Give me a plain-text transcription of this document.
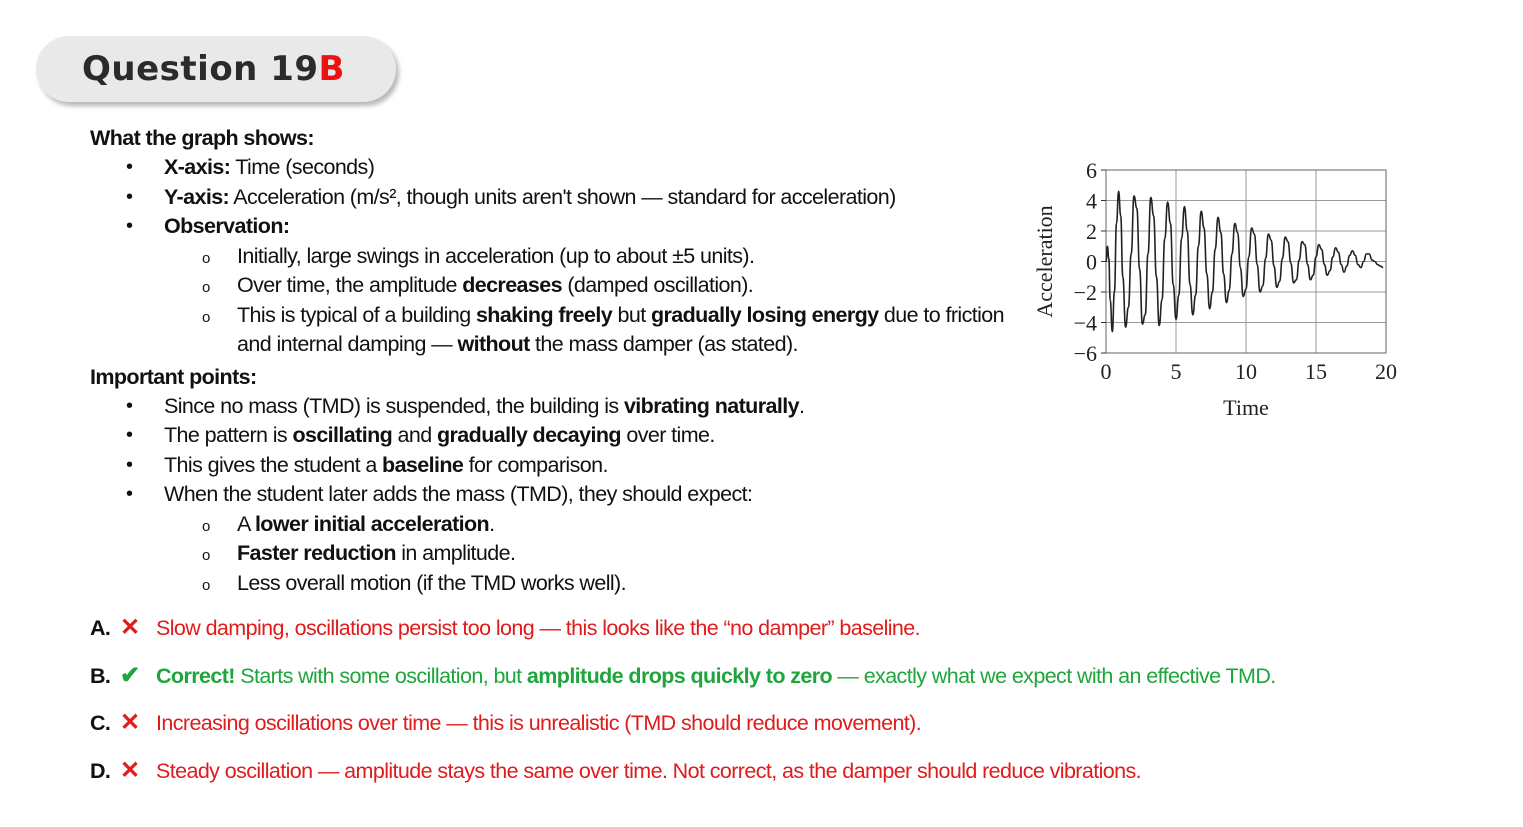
Question 19B
What the graph shows:
• X-axis: Time (seconds)
• Y-axis: Acceleration (m/s², though units aren't shown — standard for acceleration)
• Observation:
o Initially, large swings in acceleration (up to about ±5 units).
o Over time, the amplitude decreases (damped oscillation).
o This is typical of a building shaking freely but gradually losing energy due to friction and internal damping — without the mass damper (as stated).
Important points:
• Since no mass (TMD) is suspended, the building is vibrating naturally.
• The pattern is oscillating and gradually decaying over time.
• This gives the student a baseline for comparison.
• When the student later adds the mass (TMD), they should expect:
o A lower initial acceleration.
o Faster reduction in amplitude.
o Less overall motion (if the TMD works well).
A. ✕ Slow damping, oscillations persist too long — this looks like the “no damper” baseline.
B. ✔ Correct! Starts with some oscillation, but amplitude drops quickly to zero — exactly what we expect with an effective TMD.
C. ✕ Increasing oscillations over time — this is unrealistic (TMD should reduce movement).
D. ✕ Steady oscillation — amplitude stays the same over time. Not correct, as the damper should reduce vibrations.
0	5 10 15 20
6
4
2
0
−2
−4
−6
Time
Acceleration
